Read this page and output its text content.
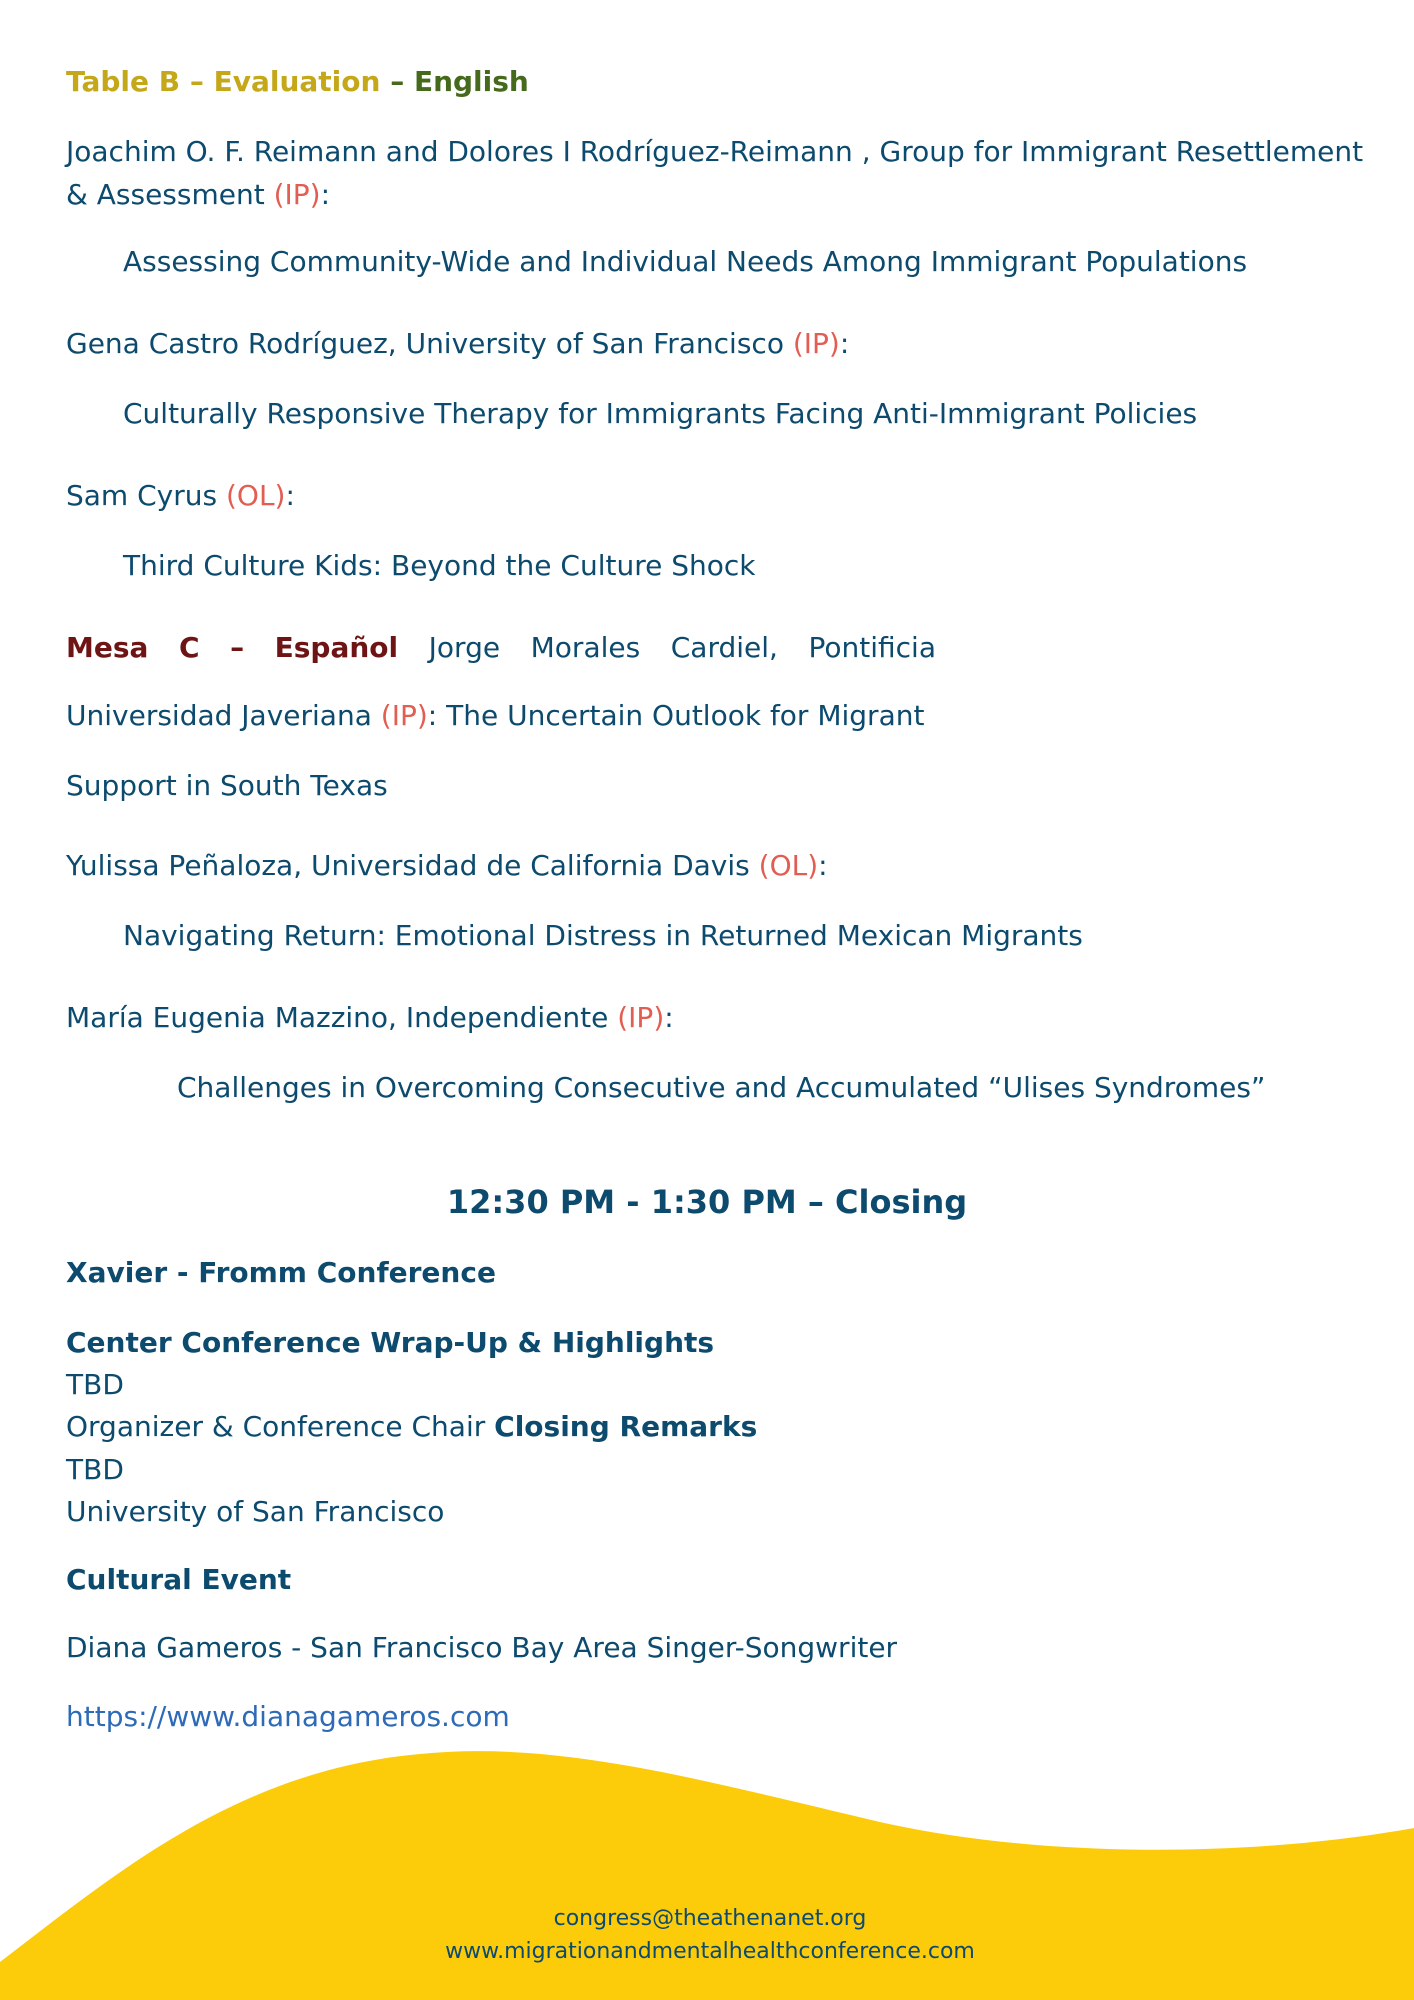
Table B – Evaluation – English
Joachim O. F. Reimann and Dolores I Rodríguez-Reimann , Group for Immigrant Resettlement
& Assessment (IP):
Assessing Community-Wide and Individual Needs Among Immigrant Populations
Gena Castro Rodríguez, University of San Francisco (IP):
Culturally Responsive Therapy for Immigrants Facing Anti-Immigrant Policies
Sam Cyrus (OL):
Third Culture Kids: Beyond the Culture Shock
Mesa C – Español Jorge Morales Cardiel, Pontificia
Universidad Javeriana (IP): The Uncertain Outlook for Migrant
Support in South Texas
Yulissa Peñaloza, Universidad de California Davis (OL):
Navigating Return: Emotional Distress in Returned Mexican Migrants
María Eugenia Mazzino, Independiente (IP):
Challenges in Overcoming Consecutive and Accumulated “Ulises Syndromes”
12:30 PM - 1:30 PM – Closing
Xavier - Fromm Conference
Center Conference Wrap-Up & Highlights
TBD
Organizer & Conference Chair Closing Remarks
TBD
University of San Francisco
Cultural Event
Diana Gameros - San Francisco Bay Area Singer-Songwriter
https://www.dianagameros.com
congress@theathenanet.org
www.migrationandmentalhealthconference.com
